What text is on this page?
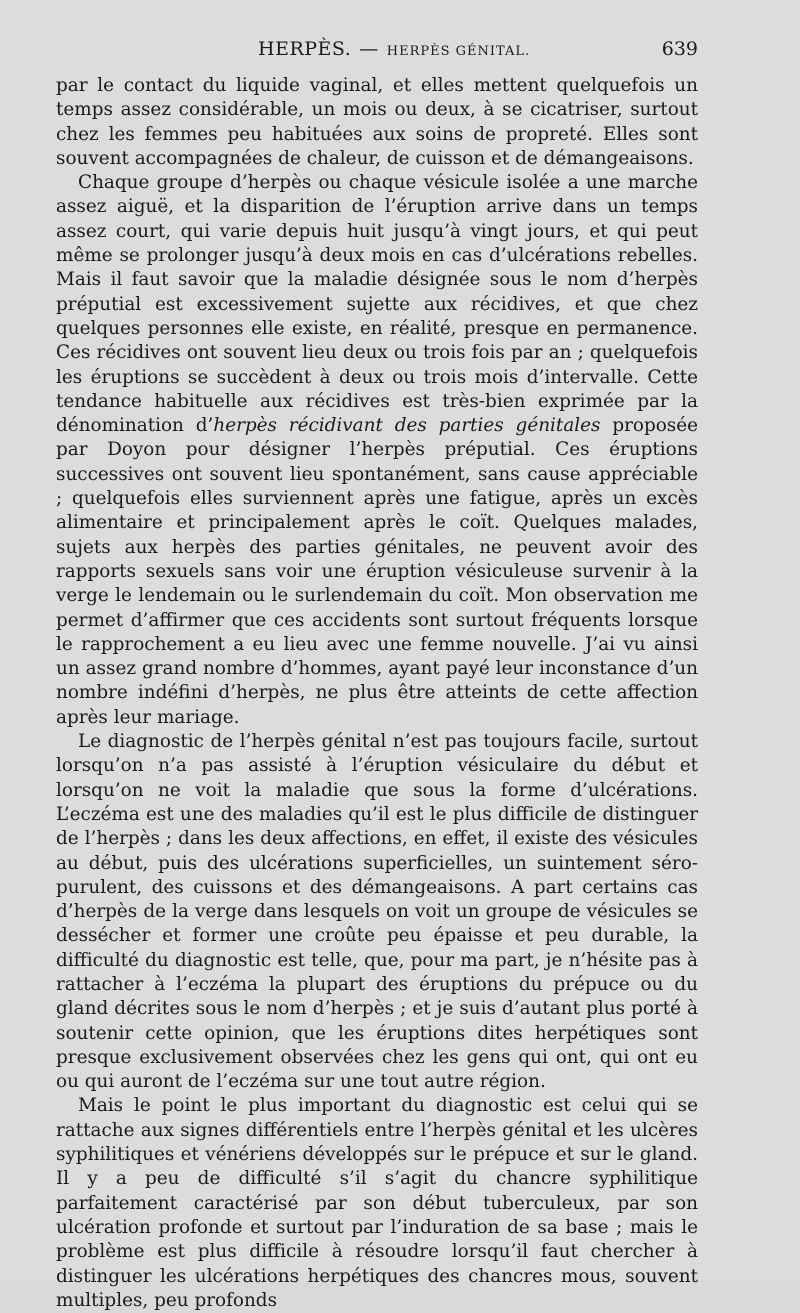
HERPÈS. — HERPÈS GÉNITAL.	639

par le contact du liquide vaginal, et elles mettent quelquefois un temps assez considérable, un mois ou deux, à se cicatriser, surtout chez les femmes peu habituées aux soins de propreté. Elles sont souvent accompagnées de chaleur, de cuisson et de démangeaisons.

Chaque groupe d’herpès ou chaque vésicule isolée a une marche assez aiguë, et la disparition de l’éruption arrive dans un temps assez court, qui varie depuis huit jusqu’à vingt jours, et qui peut même se prolonger jusqu’à deux mois en cas d’ulcérations rebelles. Mais il faut savoir que la maladie désignée sous le nom d’herpès préputial est excessivement sujette aux récidives, et que chez quelques personnes elle existe, en réalité, presque en permanence. Ces récidives ont souvent lieu deux ou trois fois par an ; quelquefois les éruptions se succèdent à deux ou trois mois d’intervalle. Cette tendance habituelle aux récidives est très-bien exprimée par la dénomination d’herpès récidivant des parties génitales proposée par Doyon pour désigner l’herpès préputial. Ces éruptions successives ont souvent lieu spontanément, sans cause appréciable ; quelquefois elles surviennent après une fatigue, après un excès alimentaire et principalement après le coït. Quelques malades, sujets aux herpès des parties génitales, ne peuvent avoir des rapports sexuels sans voir une éruption vésiculeuse survenir à la verge le lendemain ou le surlendemain du coït. Mon observation me permet d’affirmer que ces accidents sont surtout fréquents lorsque le rapprochement a eu lieu avec une femme nouvelle. J’ai vu ainsi un assez grand nombre d’hommes, ayant payé leur inconstance d’un nombre indéfini d’herpès, ne plus être atteints de cette affection après leur mariage.

Le diagnostic de l’herpès génital n’est pas toujours facile, surtout lorsqu’on n’a pas assisté à l’éruption vésiculaire du début et lorsqu’on ne voit la maladie que sous la forme d’ulcérations. L’eczéma est une des maladies qu’il est le plus difficile de distinguer de l’herpès ; dans les deux affections, en effet, il existe des vésicules au début, puis des ulcérations superficielles, un suintement séro-purulent, des cuissons et des démangeaisons. A part certains cas d’herpès de la verge dans lesquels on voit un groupe de vésicules se dessécher et former une croûte peu épaisse et peu durable, la difficulté du diagnostic est telle, que, pour ma part, je n’hésite pas à rattacher à l’eczéma la plupart des éruptions du prépuce ou du gland décrites sous le nom d’herpès ; et je suis d’autant plus porté à soutenir cette opinion, que les éruptions dites herpétiques sont presque exclusivement observées chez les gens qui ont, qui ont eu ou qui auront de l’eczéma sur une tout autre région.

Mais le point le plus important du diagnostic est celui qui se rattache aux signes différentiels entre l’herpès génital et les ulcères syphilitiques et vénériens développés sur le prépuce et sur le gland. Il y a peu de difficulté s’il s’agit du chancre syphilitique parfaitement caractérisé par son début tuberculeux, par son ulcération profonde et surtout par l’induration de sa base ; mais le problème est plus difficile à résoudre lorsqu’il faut chercher à distinguer les ulcérations herpétiques des chancres mous, souvent multiples, peu profonds
